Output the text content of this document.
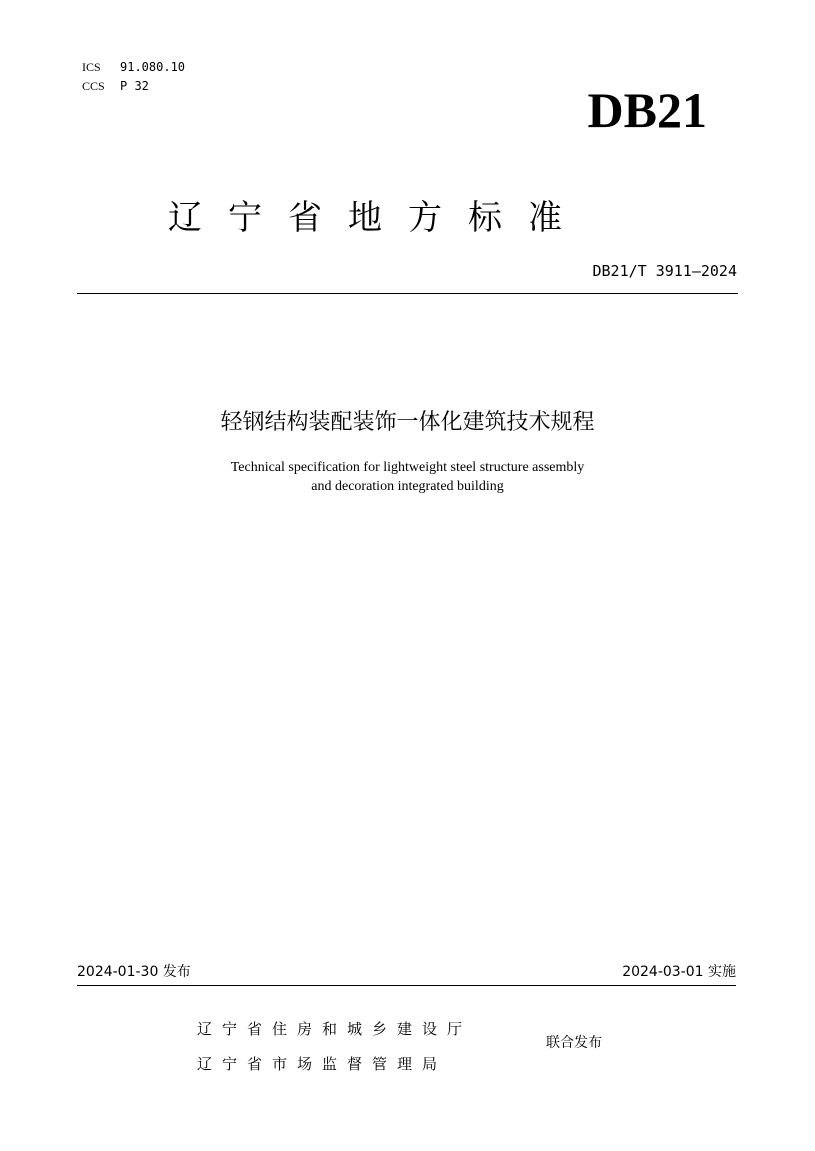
ICS 91.080.10
CCS P 32	DB21
辽宁省地方标准
DB21/T 3911—2024
轻钢结构装配装饰一体化建筑技术规程
Technical specification for lightweight steel structure assembly
and decoration integrated building
2024-01-30 发布	2024-03-01 实施
辽宁省住房和城乡建设厅
辽宁省市场监督管理局
联合发布
